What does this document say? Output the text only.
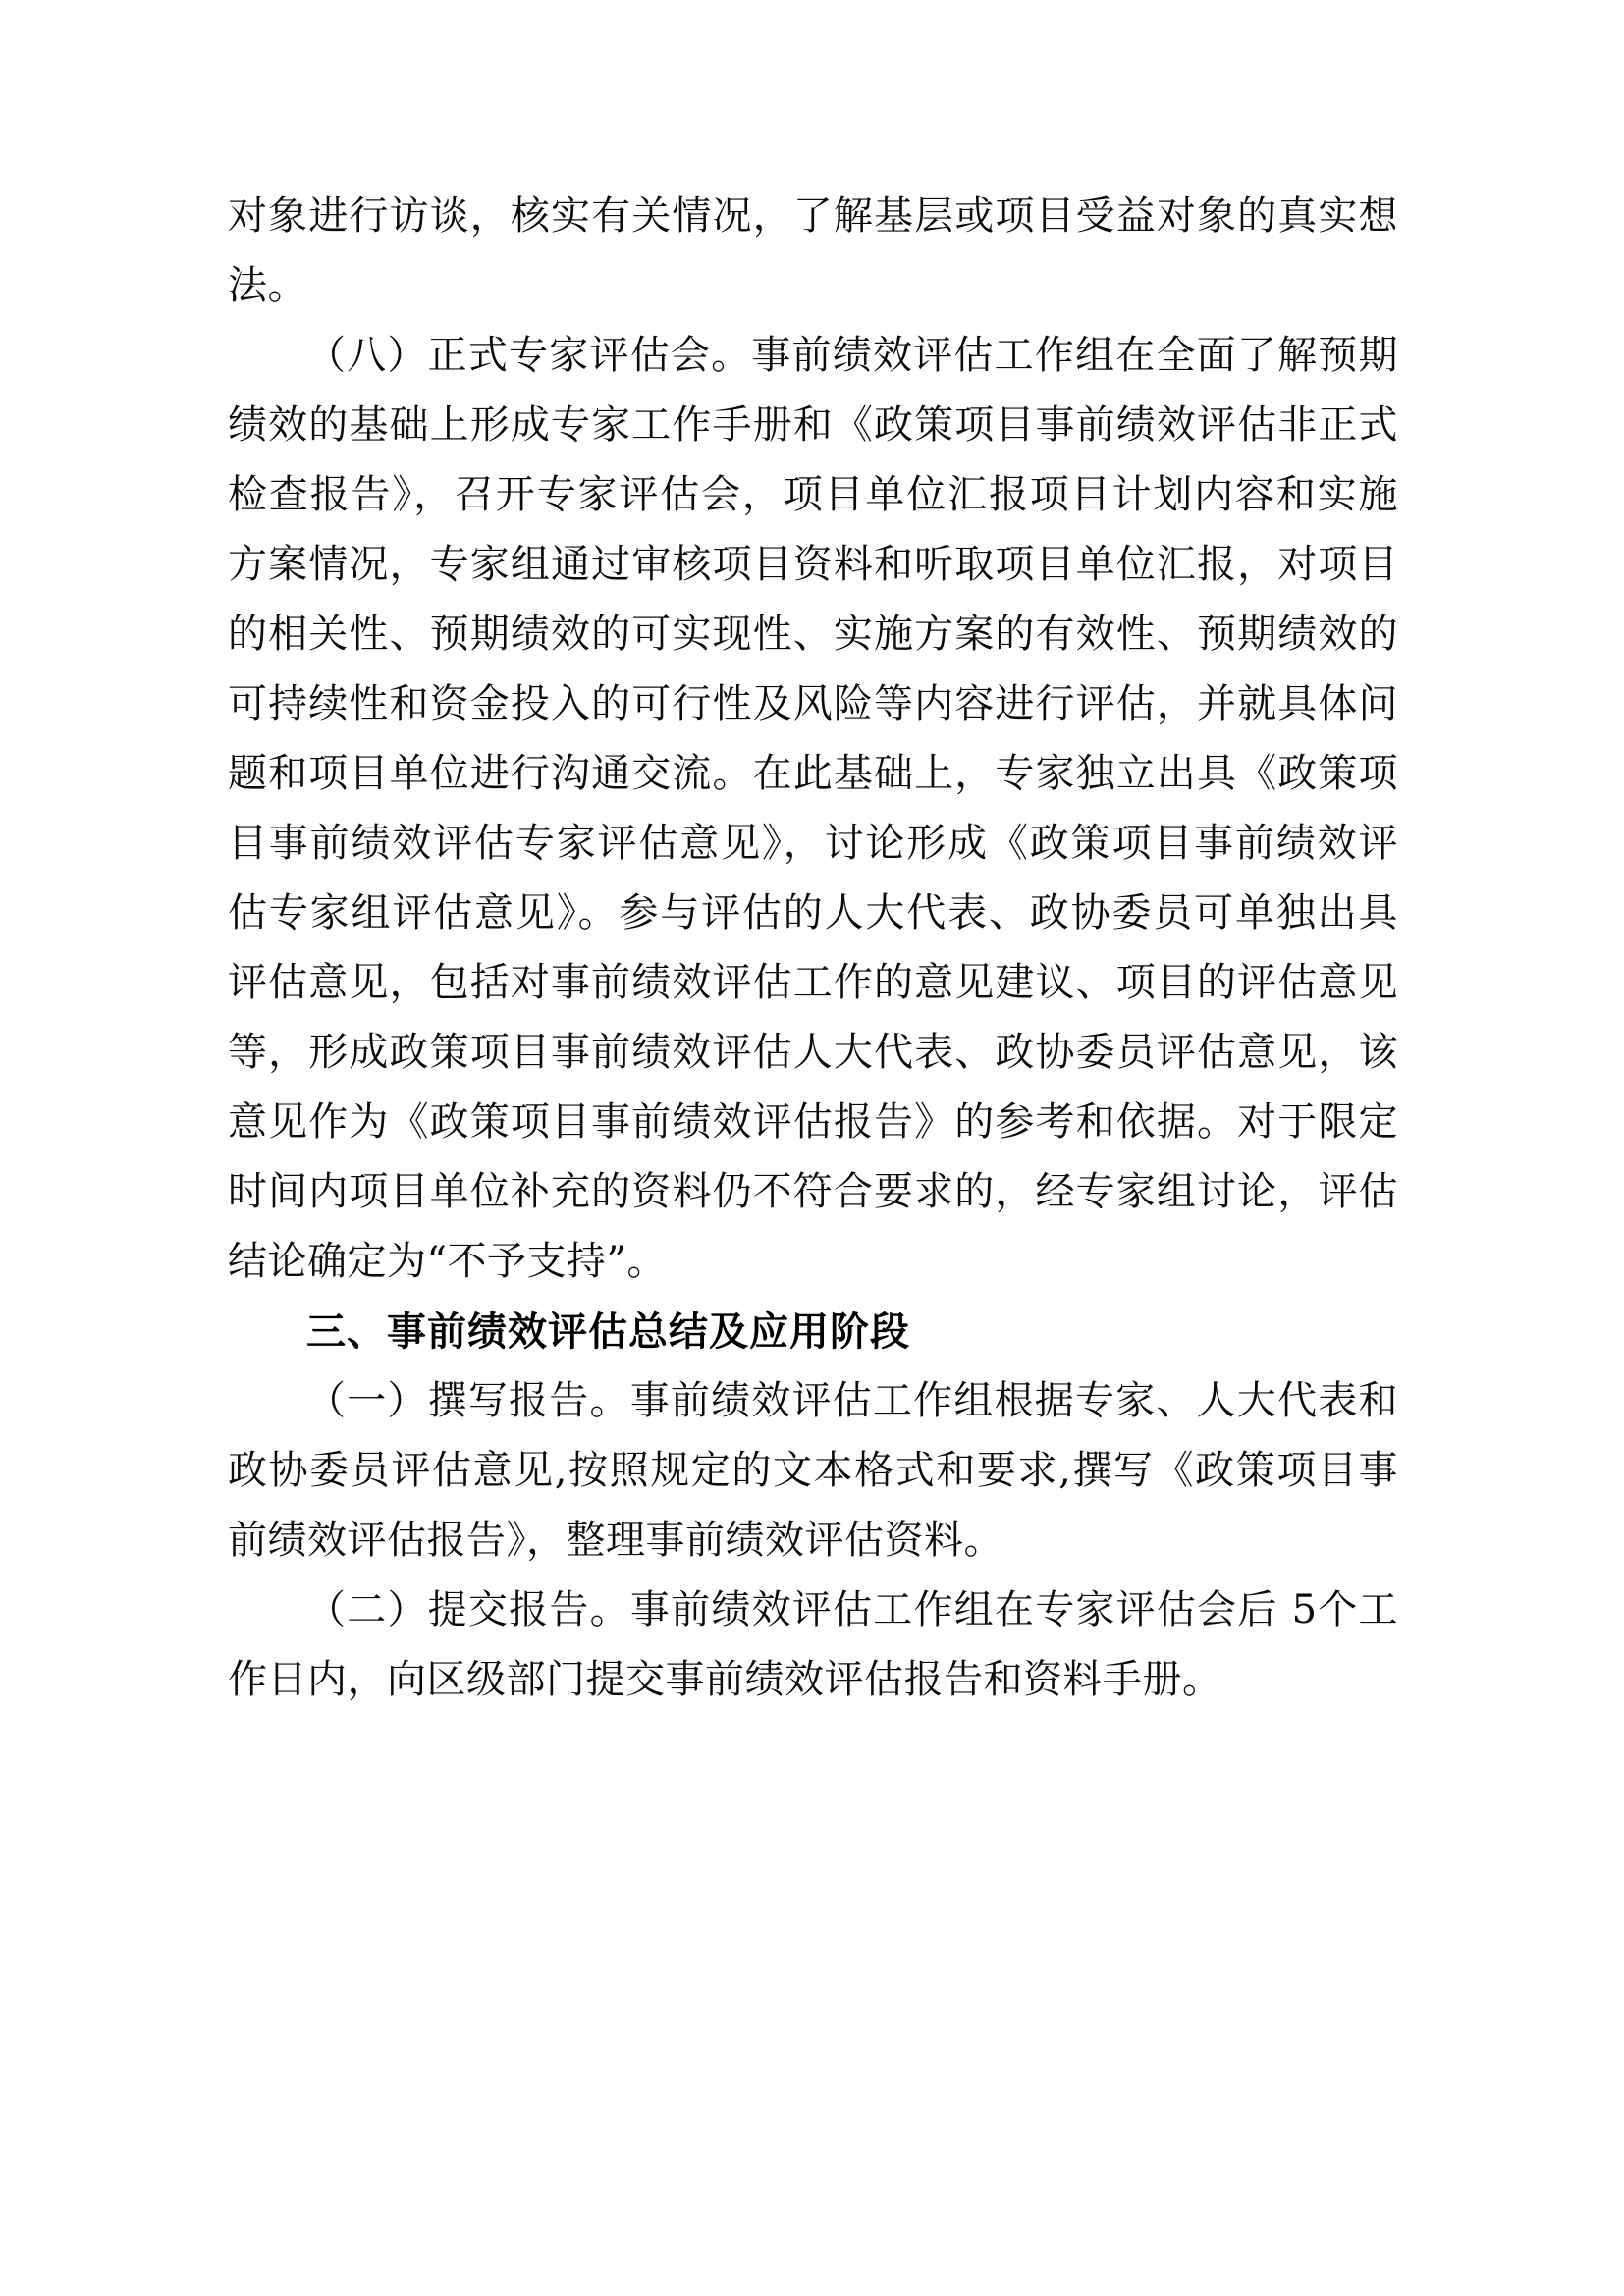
对象进行访谈，核实有关情况，了解基层或项目受益对象的真实想法。

（八）正式专家评估会。事前绩效评估工作组在全面了解预期绩效的基础上形成专家工作手册和《政策项目事前绩效评估非正式检查报告》，召开专家评估会，项目单位汇报项目计划内容和实施方案情况，专家组通过审核项目资料和听取项目单位汇报，对项目的相关性、预期绩效的可实现性、实施方案的有效性、预期绩效的可持续性和资金投入的可行性及风险等内容进行评估，并就具体问题和项目单位进行沟通交流。在此基础上，专家独立出具《政策项目事前绩效评估专家评估意见》，讨论形成《政策项目事前绩效评估专家组评估意见》。参与评估的人大代表、政协委员可单独出具评估意见，包括对事前绩效评估工作的意见建议、项目的评估意见等，形成政策项目事前绩效评估人大代表、政协委员评估意见，该意见作为《政策项目事前绩效评估报告》的参考和依据。对于限定时间内项目单位补充的资料仍不符合要求的，经专家组讨论，评估结论确定为“不予支持”。

三、事前绩效评估总结及应用阶段

（一）撰写报告。事前绩效评估工作组根据专家、人大代表和政协委员评估意见,按照规定的文本格式和要求,撰写《政策项目事前绩效评估报告》，整理事前绩效评估资料。

（二）提交报告。事前绩效评估工作组在专家评估会后 5个工作日内，向区级部门提交事前绩效评估报告和资料手册。
